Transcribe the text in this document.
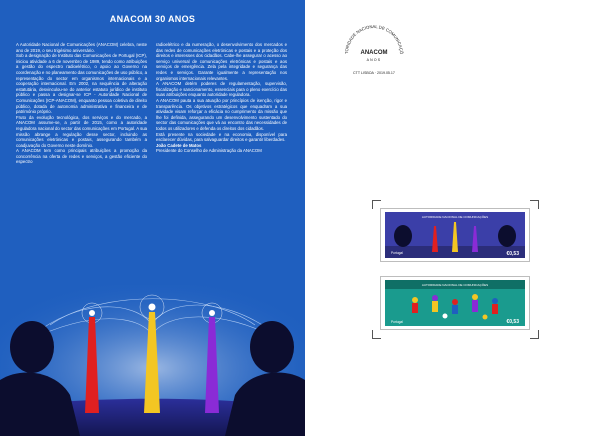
ANACOM 30 ANOS

A Autoridade Nacional de Comunicações (ANACOM) celebra, neste ano de 2019, o seu trigésimo aniversário.

Sob a designação de Instituto das Comunicações de Portugal (ICP), iniciou atividade a 6 de novembro de 1989, tendo como atribuições a gestão do espectro radioelétrico, o apoio ao Governo na coordenação e no planeamento das comunicações de uso público, a representação do sector em organismos internacionais e a cooperação internacional. Em 2002, na sequência de alteração estatutária, desvinculou-se do anterior estatuto jurídico de instituto público e passa a designar-se ICP - Autoridade Nacional de Comunicações (ICP-ANACOM), enquanto pessoa coletiva de direito público, dotada de autonomia administrativa e financeira e de património próprio.

Fruto da evolução tecnológica, dos serviços e do mercado, a ANACOM assume-se, a partir de 2015, como a autoridade reguladora nacional do sector das comunicações em Portugal. A sua missão abrange a regulação desse sector, incluindo as comunicações eletrónicas e postais, assegurando também a coadjuvação do Governo neste domínio.

A ANACOM tem como principais atribuições a promoção da concorrência na oferta de redes e serviços, a gestão eficiente do espectro

radioelétrico e da numeração, o desenvolvimento dos mercados e das redes de comunicações eletrónicas e postais e a proteção dos direitos e interesses dos cidadãos. Cabe-lhe assegurar o acesso ao serviço universal de comunicações eletrónicas e postais e aos serviços de emergência. Zela pela integridade e segurança das redes e serviços. Garante igualmente a representação nos organismos internacionais relevantes.

A ANACOM detém poderes de regulamentação, supervisão, fiscalização e sancionamento, essenciais para o pleno exercício das suas atribuições enquanto autoridade reguladora.

A ANACOM pauta a sua atuação por princípios de isenção, rigor e transparência. Os objetivos estratégicos que enquadram a sua atividade visam reforçar a eficácia no cumprimento da missão que lhe foi definida, assegurando um desenvolvimento sustentado do sector das comunicações que vá ao encontro das necessidades de todos os utilizadores e defenda os direitos dos cidadãos.

Está presente na sociedade e na economia, disponível para esclarecer dúvidas, para salvaguardar direitos e garantir liberdades.

João Cadete de Matos

Presidente do Conselho de Administração da ANACOM

TORIDADE NACIONAL DE COMUNICAÇÕ
ANACOM
ANOS
CTT LISBOA · 2019.05.17
AUTORIDADE NACIONAL DE COMUNICAÇÕES
Portugal	€0,53
AUTORIDADE NACIONAL DE COMUNICAÇÕES
Portugal	€0,53
